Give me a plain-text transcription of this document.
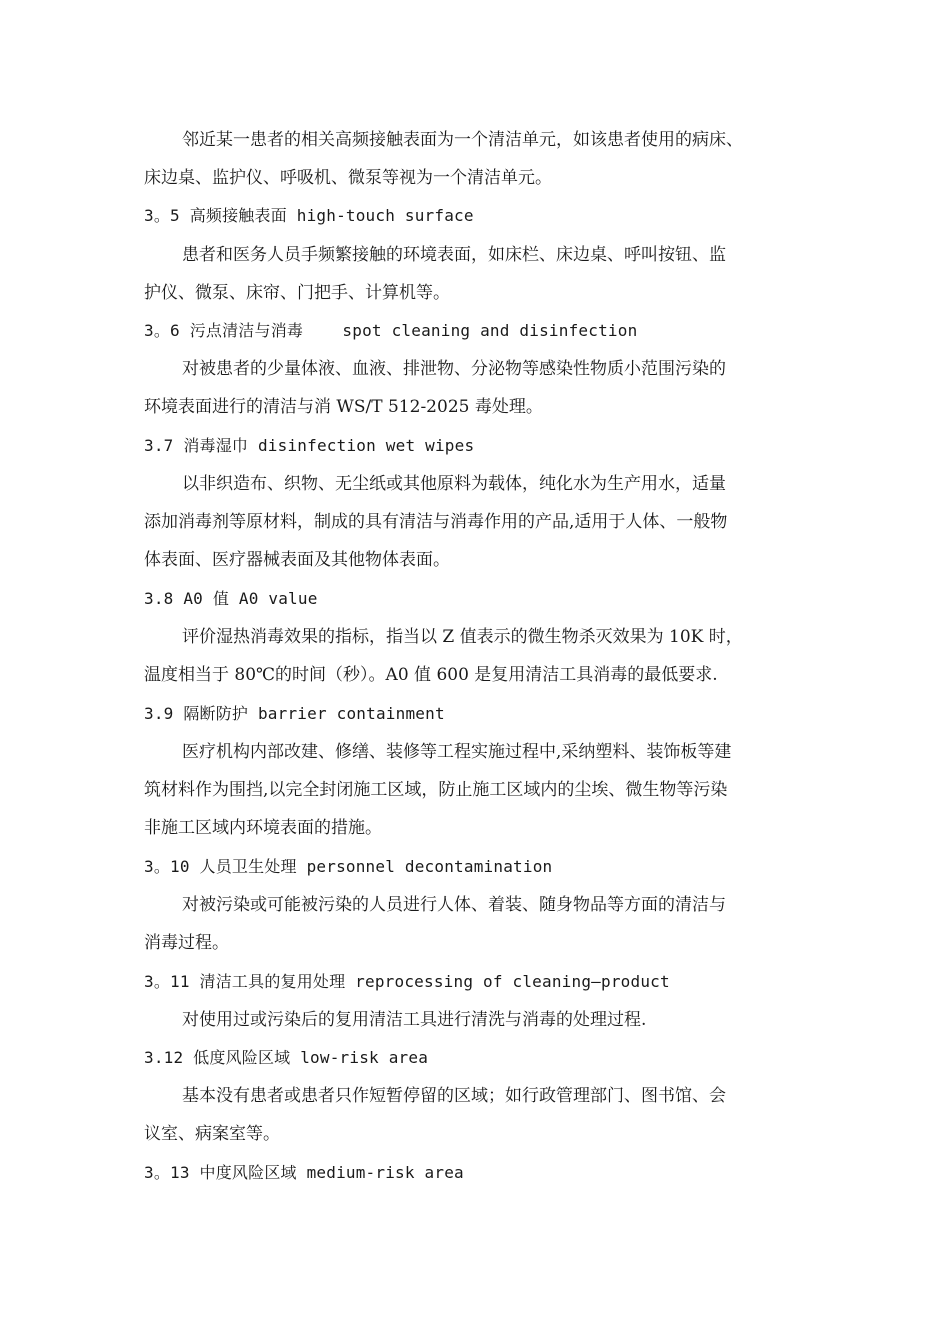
邻近某一患者的相关高频接触表面为一个清洁单元，如该患者使用的病床、
床边桌、监护仪、呼吸机、微泵等视为一个清洁单元。
3。5 高频接触表面 high-touch surface
患者和医务人员手频繁接触的环境表面，如床栏、床边桌、呼叫按钮、监
护仪、微泵、床帘、门把手、计算机等。
3。6 污点清洁与消毒    spot cleaning and disinfection
对被患者的少量体液、血液、排泄物、分泌物等感染性物质小范围污染的
环境表面进行的清洁与消 WS/T 512-2025 毒处理。
3.7 消毒湿巾 disinfection wet wipes
以非织造布、织物、无尘纸或其他原料为载体，纯化水为生产用水，适量
添加消毒剂等原材料，制成的具有清洁与消毒作用的产品,适用于人体、一般物
体表面、医疗器械表面及其他物体表面。
3.8 A0 值 A0 value
评价湿热消毒效果的指标，指当以 Z 值表示的微生物杀灭效果为 10K 时，
温度相当于 80℃的时间（秒）。A0 值 600 是复用清洁工具消毒的最低要求.
3.9 隔断防护 barrier containment
医疗机构内部改建、修缮、装修等工程实施过程中,采纳塑料、装饰板等建
筑材料作为围挡,以完全封闭施工区域，防止施工区域内的尘埃、微生物等污染
非施工区域内环境表面的措施。
3。10 人员卫生处理 personnel decontamination
对被污染或可能被污染的人员进行人体、着装、随身物品等方面的清洁与
消毒过程。
3。11 清洁工具的复用处理 reprocessing of cleaning—product
对使用过或污染后的复用清洁工具进行清洗与消毒的处理过程.
3.12 低度风险区域 low-risk area
基本没有患者或患者只作短暂停留的区域；如行政管理部门、图书馆、会
议室、病案室等。
3。13 中度风险区域 medium-risk area
